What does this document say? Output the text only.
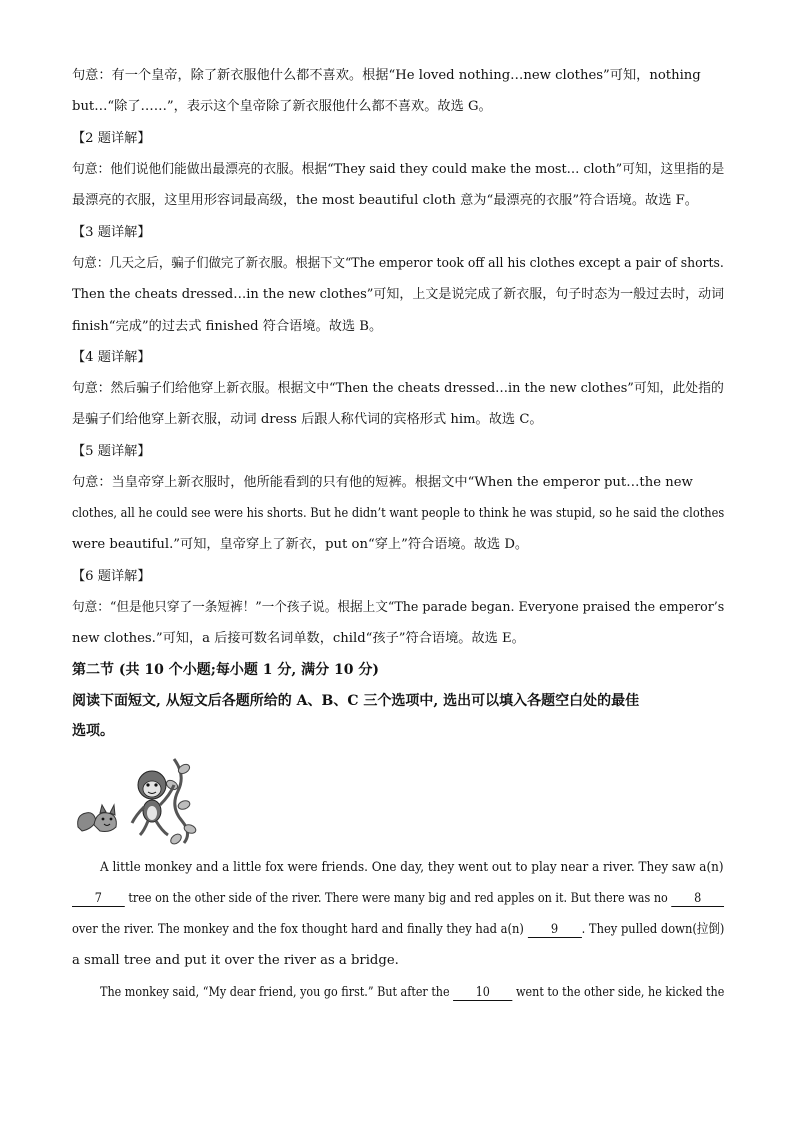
句意：有一个皇帝，除了新衣服他什么都不喜欢。根据“He loved nothing…new clothes”可知，nothing
but…“除了……”，表示这个皇帝除了新衣服他什么都不喜欢。故选 G。
【2 题详解】
句意：他们说他们能做出最漂亮的衣服。根据“They said they could make the most… cloth”可知，这里指的是
最漂亮的衣服，这里用形容词最高级，the most beautiful cloth 意为“最漂亮的衣服”符合语境。故选 F。
【3 题详解】
句意：几天之后，骗子们做完了新衣服。根据下文“The emperor took off all his clothes except a pair of shorts.
Then the cheats dressed…in the new clothes”可知，上文是说完成了新衣服，句子时态为一般过去时，动词
finish“完成”的过去式 finished 符合语境。故选 B。
【4 题详解】
句意：然后骗子们给他穿上新衣服。根据文中“Then the cheats dressed…in the new clothes”可知，此处指的
是骗子们给他穿上新衣服，动词 dress 后跟人称代词的宾格形式 him。故选 C。
【5 题详解】
句意：当皇帝穿上新衣服时，他所能看到的只有他的短裤。根据文中“When the emperor put…the new
clothes, all he could see were his shorts. But he didn’t want people to think he was stupid, so he said the clothes
were beautiful.”可知，皇帝穿上了新衣，put on“穿上”符合语境。故选 D。
【6 题详解】
句意：“但是他只穿了一条短裤！”一个孩子说。根据上文“The parade began. Everyone praised the emperor’s
new clothes.”可知，a 后接可数名词单数，child“孩子”符合语境。故选 E。
第二节 (共 10 个小题;每小题 1 分, 满分 10 分)
阅读下面短文, 从短文后各题所给的 A、B、C 三个选项中, 选出可以填入各题空白处的最佳
选项。
A little monkey and a little fox were friends. One day, they went out to play near a river. They saw a(n)
7 tree on the other side of the river. There were many big and red apples on it. But there was no 8
over the river. The monkey and the fox thought hard and finally they had a(n) 9 . They pulled down(拉倒)
a small tree and put it over the river as a bridge.
The monkey said, “My dear friend, you go first.” But after the 10 went to the other side, he kicked the
